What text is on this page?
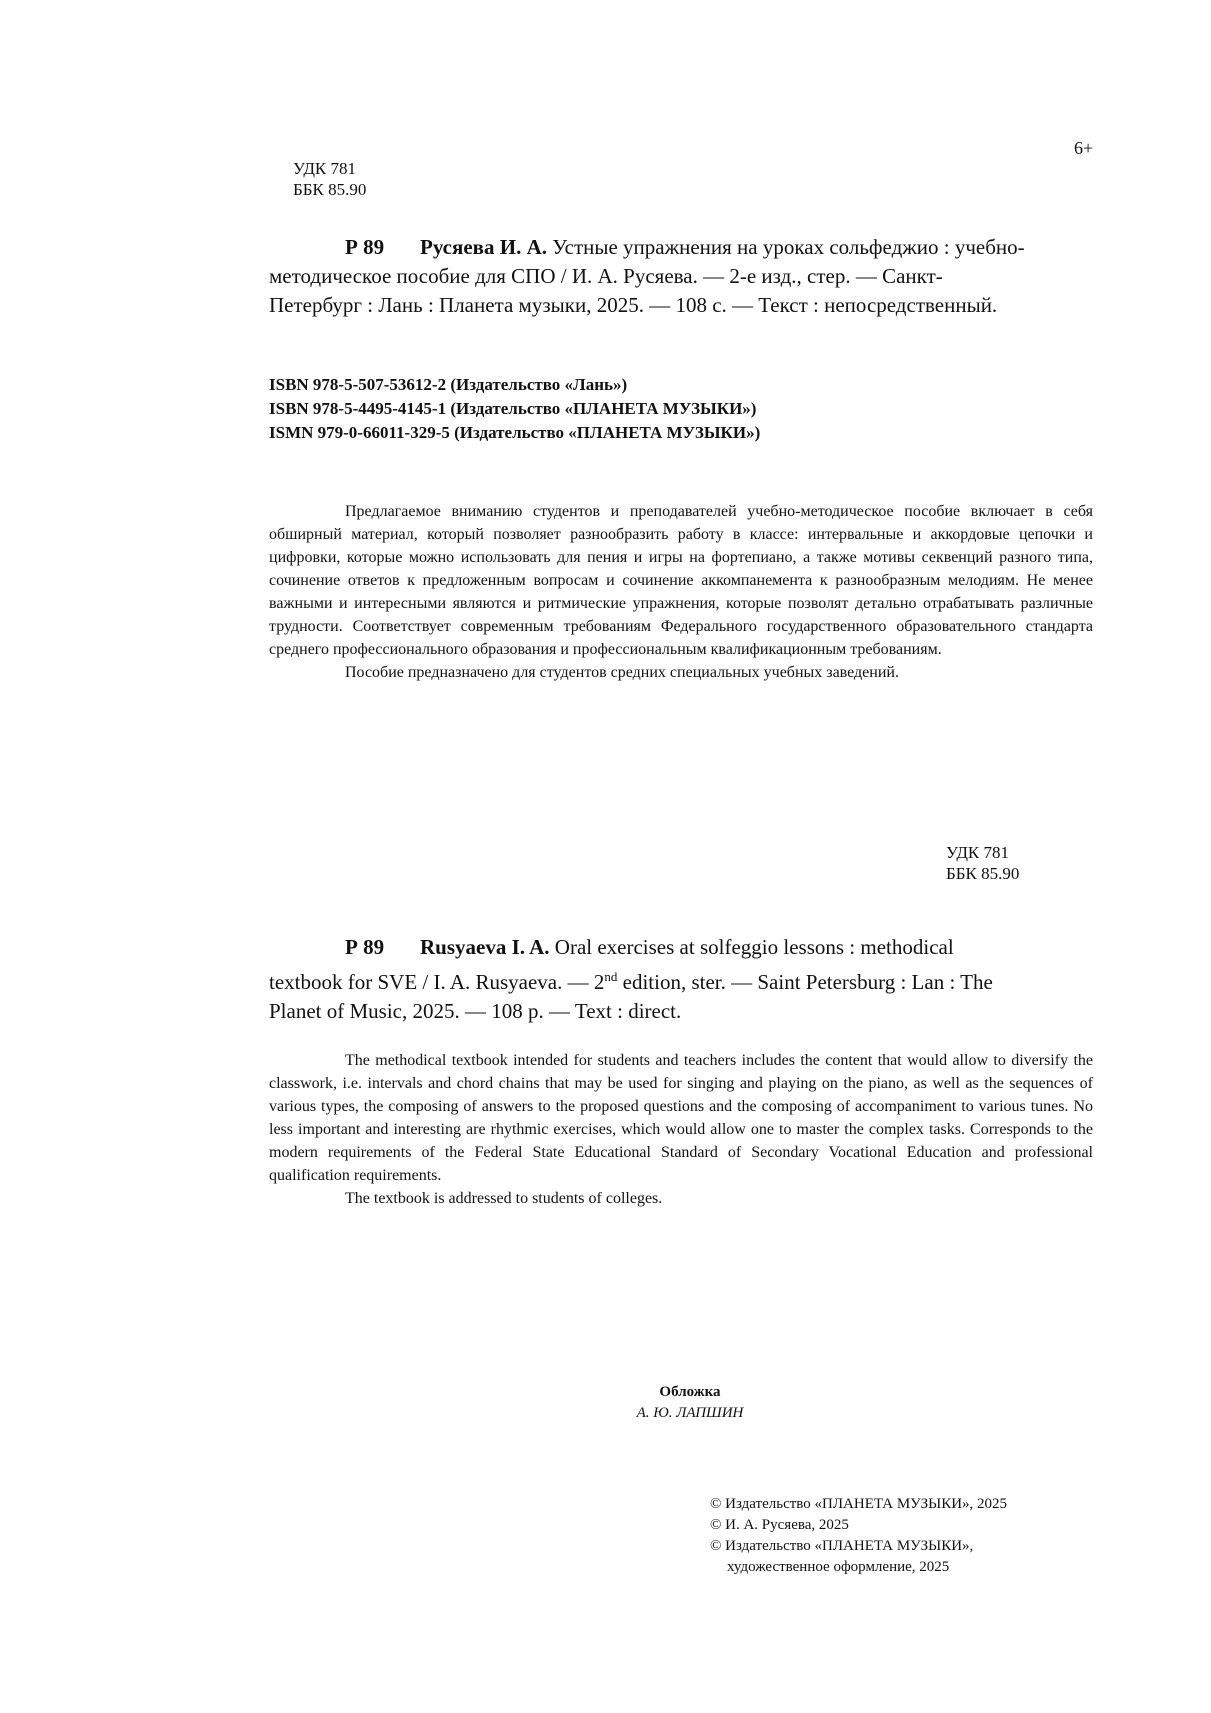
УДК 781
ББК 85.90
6+
Р 89 Русяева И. А. Устные упражнения на уроках сольфеджио : учебно-
методическое пособие для СПО / И. А. Русяева. — 2-е изд., стер. — Санкт-
Петербург : Лань : Планета музыки, 2025. — 108 с. — Текст : непосредственный.
ISBN 978-5-507-53612-2 (Издательство «Лань»)
ISBN 978-5-4495-4145-1 (Издательство «ПЛАНЕТА МУЗЫКИ»)
ISMN 979-0-66011-329-5 (Издательство «ПЛАНЕТА МУЗЫКИ»)

Предлагаемое вниманию студентов и преподавателей учебно-методическое пособие включает в себя обширный материал, который позволяет разнообразить работу в классе: интервальные и аккордовые цепочки и цифровки, которые можно использовать для пения и игры на фортепиано, а также мотивы секвенций разного типа, сочинение ответов к предложенным вопросам и сочинение аккомпанемента к разнообразным мелодиям. Не менее важными и интересными являются и ритмические упражнения, которые позволят детально отрабатывать различные трудности. Соответствует современным требованиям Федерального государственного образовательного стандарта среднего профессионального образования и профессиональным квалификационным требованиям.

Пособие предназначено для студентов средних специальных учебных заведений.

УДК 781
ББК 85.90
Р 89 Rusyaeva I. A. Oral exercises at solfeggio lessons : methodical
textbook for SVE / I. A. Rusyaeva. — 2nd edition, ster. — Saint Petersburg : Lan : The
Planet of Music, 2025. — 108 p. — Text : direct.

The methodical textbook intended for students and teachers includes the content that would allow to diversify the classwork, i.e. intervals and chord chains that may be used for singing and playing on the piano, as well as the sequences of various types, the composing of answers to the proposed questions and the composing of accompaniment to various tunes. No less important and interesting are rhythmic exercises, which would allow one to master the complex tasks. Corresponds to the modern requirements of the Federal State Educational Standard of Secondary Vocational Education and professional qualification requirements.

The textbook is addressed to students of colleges.

Обложка
А. Ю. ЛАПШИН
© Издательство «ПЛАНЕТА МУЗЫКИ», 2025
© И. А. Русяева, 2025
© Издательство «ПЛАНЕТА МУЗЫКИ»,
художественное оформление, 2025
